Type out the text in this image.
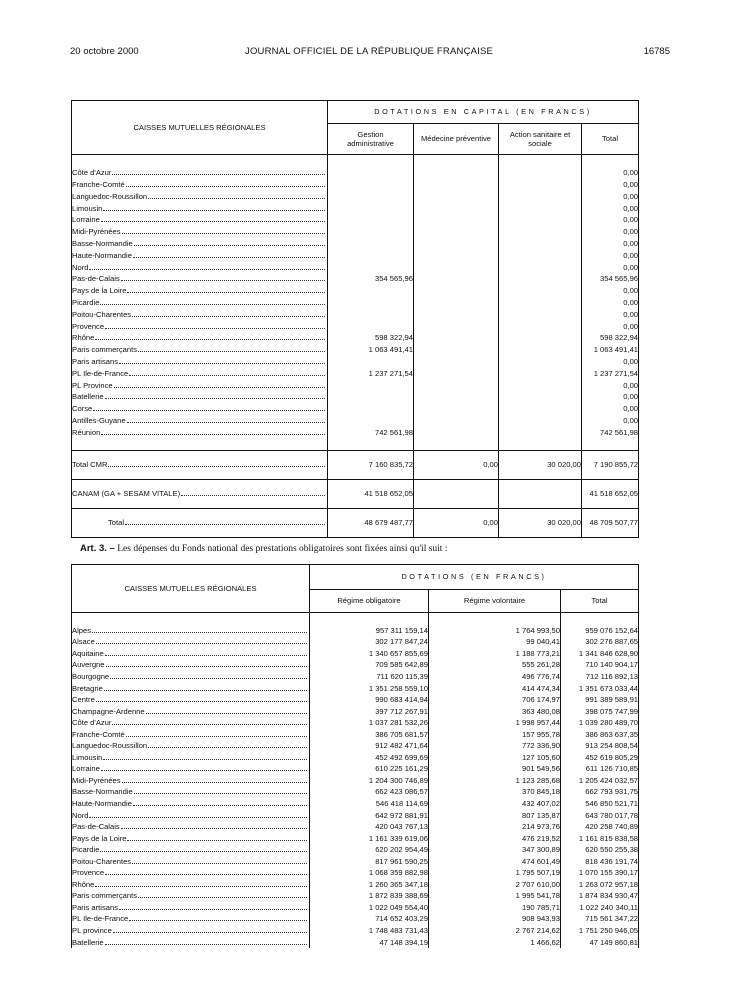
20 octobre 2000	JOURNAL OFFICIEL DE LA RÉPUBLIQUE FRANÇAISE	16785
CAISSES MUTUELLES RÉGIONALES	DOTATIONS EN CAPITAL (EN FRANCS)			
	Gestion administrative	Médecine préventive	Action sanitaire et sociale	Total

Côte d'Azur				0,00

Franche-Comté				0,00

Languedoc-Roussillon				0,00

Limousin				0,00

Lorraine				0,00

Midi-Pyrénées				0,00

Basse-Normandie				0,00

Haute-Normandie				0,00

Nord				0,00

Pas-de-Calais	354 565,96			354 565,96

Pays de la Loire				0,00

Picardie				0,00

Poitou-Charentes				0,00

Provence				0,00

Rhône	598 322,94			598 322,94

Paris commerçants	1 063 491,41			1 063 491,41

Paris artisans				0,00

PL Ile-de-France	1 237 271,54			1 237 271,54

PL Province				0,00

Batellerie				0,00

Corse				0,00

Antilles-Guyane				0,00

Réunion	742 561,98			742 561,98

Total CMR	7 160 835,72	0,00	30 020,00	7 190 855,72

CANAM (GA + SESAM VITALE)	41 518 652,05			41 518 652,05

Total	48 679 487,77	0,00	30 020,00	48 709 507,77
Art. 3. – Les dépenses du Fonds national des prestations obligatoires sont fixées ainsi qu'il suit :
CAISSES MUTUELLES RÉGIONALES	DOTATIONS (EN FRANCS)		
	Régime obligatoire	Régime volontaire	Total

Alpes	957 311 159,14	1 764 993,50	959 076 152,64

Alsace	302 177 847,24	99 040,41	302 276 887,65

Aquitaine	1 340 657 855,69	1 188 773,21	1 341 846 628,90

Auvergne	709 585 642,89	555 261,28	710 140 904,17

Bourgogne	711 620 115,39	496 776,74	712 116 892,13

Bretagne	1 351 258 559,10	414 474,34	1 351 673 033,44

Centre	990 683 414,94	706 174,97	991 389 589,91

Champagne-Ardenne	397 712 267,91	363 480,08	398 075 747,99

Côte d'Azur	1 037 281 532,26	1 998 957,44	1 039 280 489,70

Franche-Comté	386 705 681,57	157 955,78	386 863 637,35

Languedoc-Roussillon	912 482 471,64	772 336,90	913 254 808,54

Limousin	452 492 699,69	127 105,60	452 619 805,29

Lorraine	610 225 161,29	901 549,56	611 126 710,85

Midi-Pyrénées	1 204 300 746,89	1 123 285,68	1 205 424 032,57

Basse-Normandie	662 423 086,57	370 845,18	662 793 931,75

Haute-Normandie	546 418 114,69	432 407,02	546 850 521,71

Nord	642 972 881,91	807 135,87	643 780 017,78

Pas-de-Calais	420 043 767,13	214 973,76	420 258 740,89

Pays de la Loire	1 161 339 619,06	476 219,52	1 161 815 838,58

Picardie	620 202 954,49	347 300,89	620 550 255,38

Poitou-Charentes	817 961 590,25	474 601,49	818 436 191,74

Provence	1 068 359 882,98	1 795 507,19	1 070 155 390,17

Rhône	1 260 365 347,18	2 707 610,00	1 263 072 957,18

Paris commerçants	1 872 839 388,69	1 995 541,78	1 874 834 930,47

Paris artisans	1 022 049 554,40	190 785,71	1 022 240 340,11

PL Ile-de-France	714 652 403,29	908 943,93	715 561 347,22

PL province	1 748 483 731,43	2 767 214,62	1 751 250 946,05

Batellerie	47 148 394,19	1 466,62	47 149 860,81
